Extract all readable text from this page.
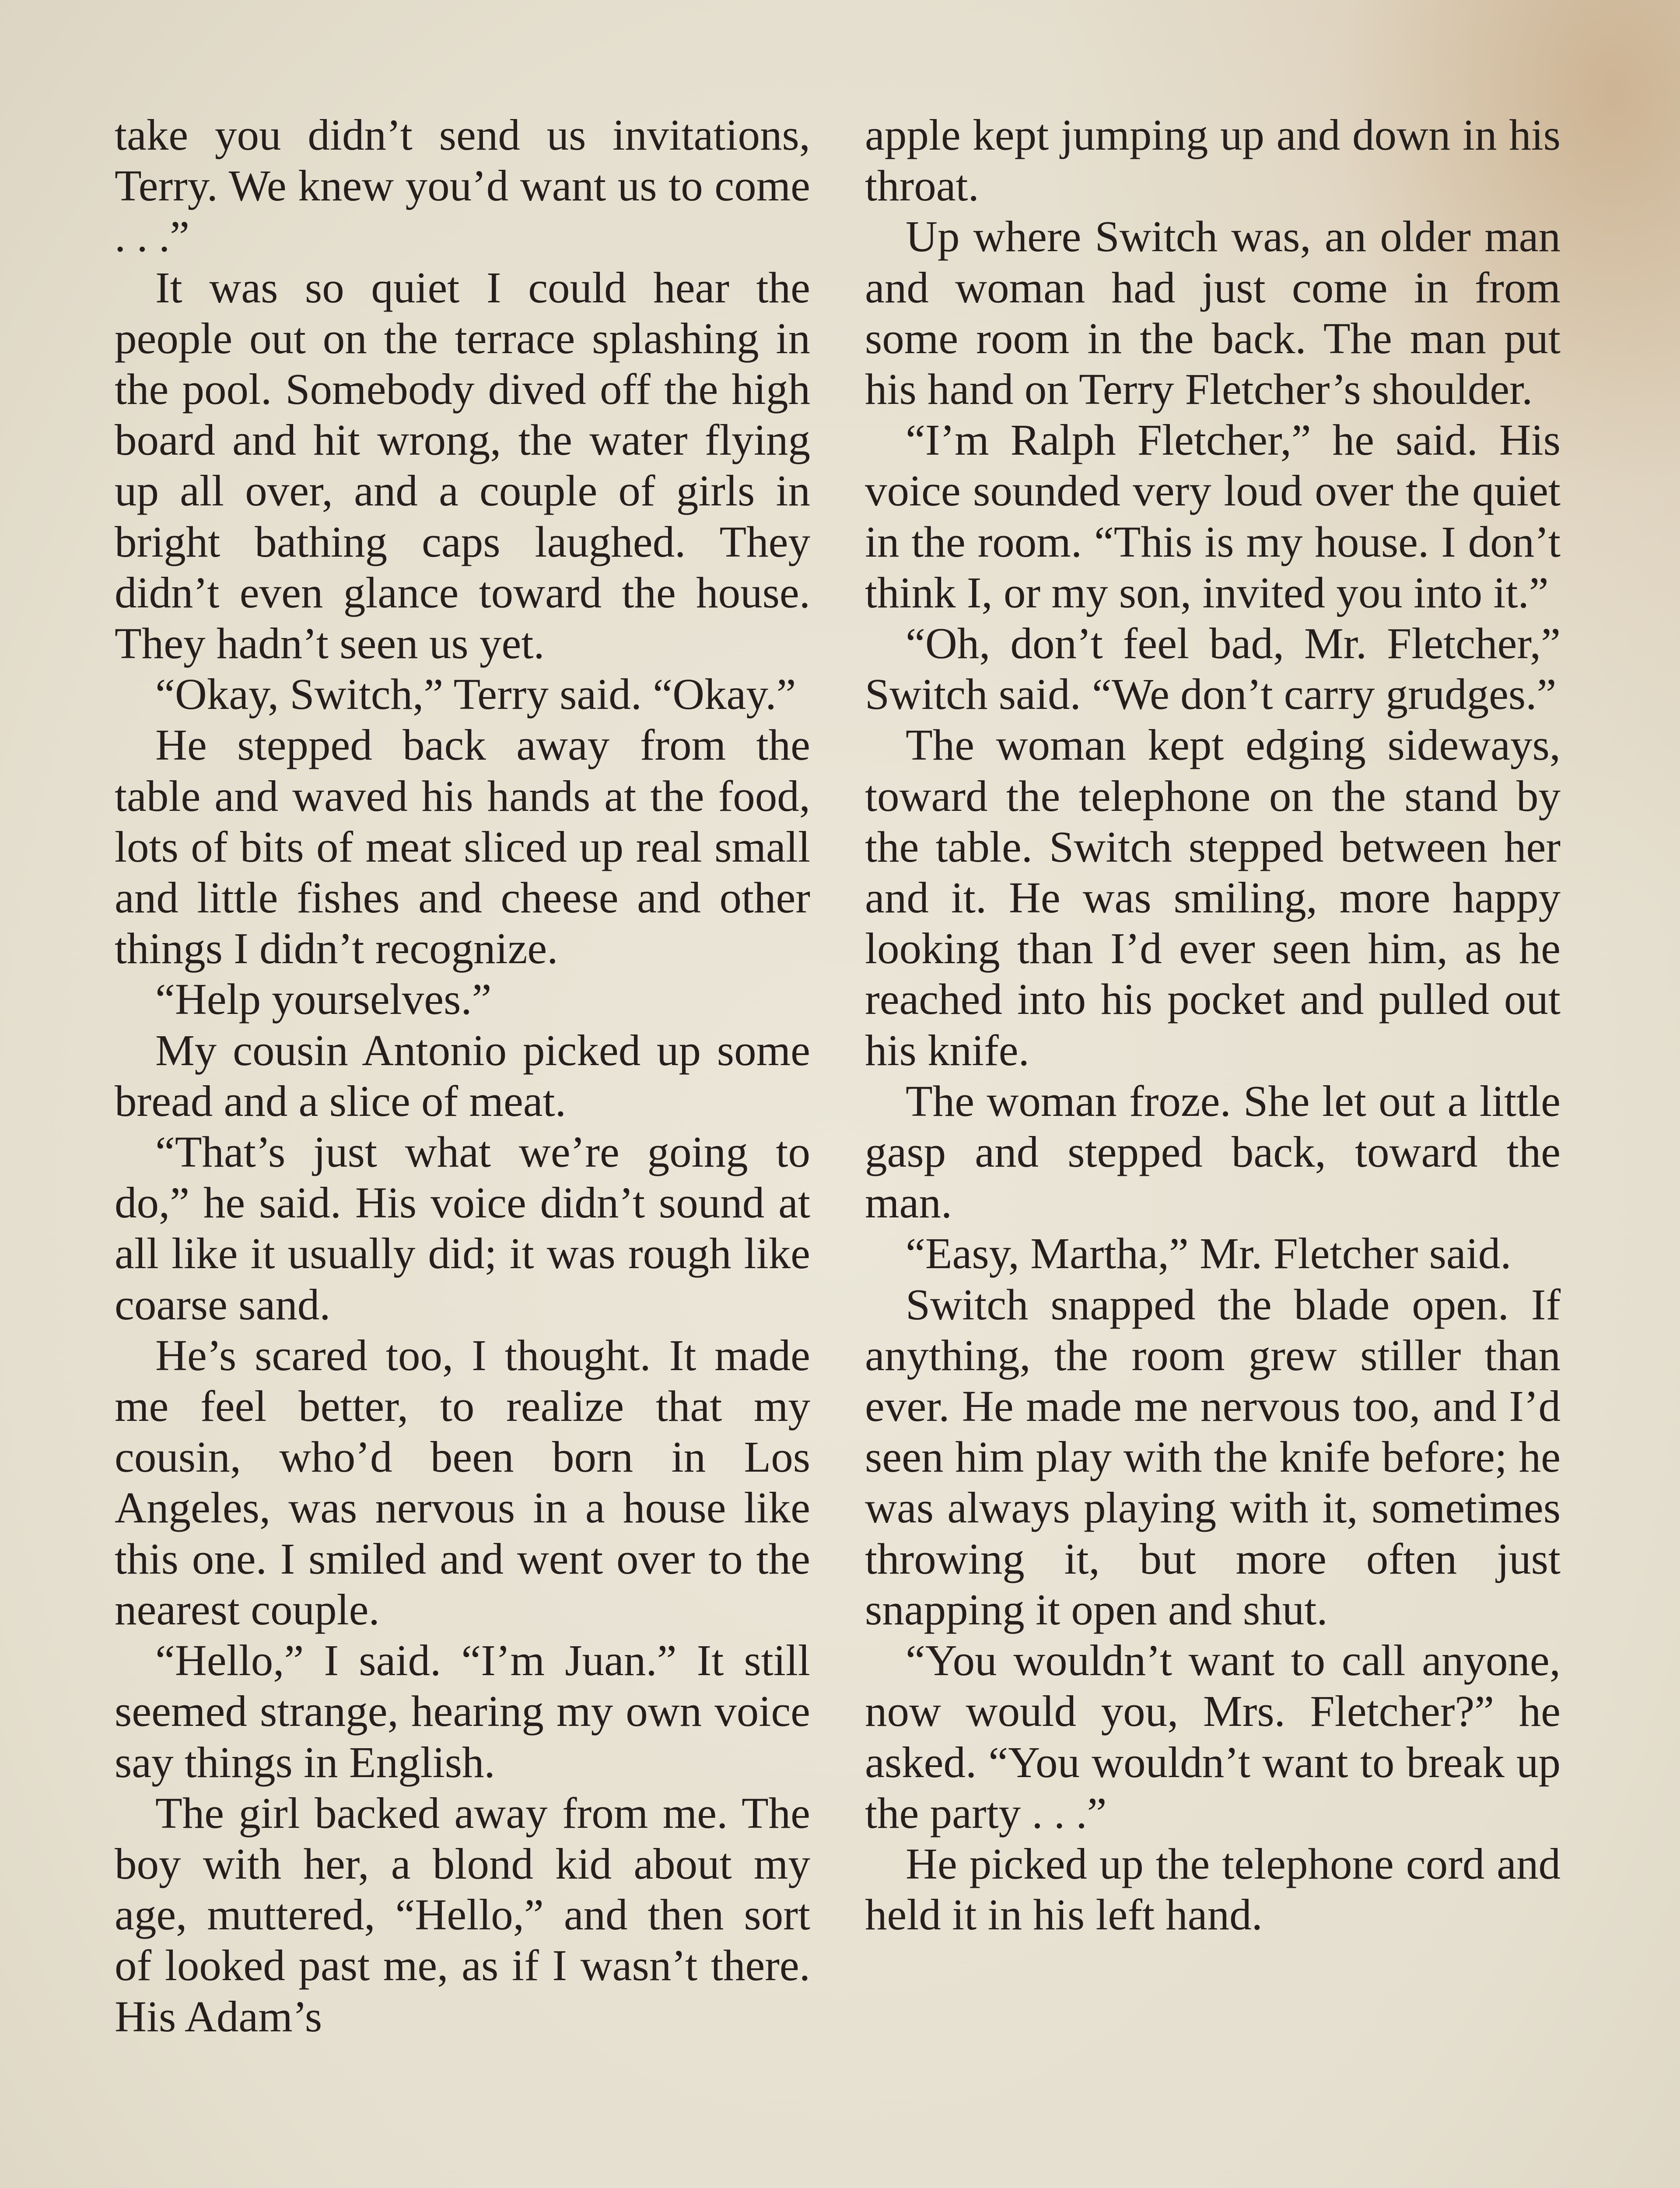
take you didn’t send us invitations, Terry. We knew you’d want us to come . . .”

It was so quiet I could hear the people out on the terrace splashing in the pool. Somebody dived off the high board and hit wrong, the water flying up all over, and a couple of girls in bright bathing caps laughed. They didn’t even glance toward the house. They hadn’t seen us yet.

“Okay, Switch,” Terry said. “Okay.”

He stepped back away from the table and waved his hands at the food, lots of bits of meat sliced up real small and little fishes and cheese and other things I didn’t recognize.

“Help yourselves.”

My cousin Antonio picked up some bread and a slice of meat.

“That’s just what we’re going to do,” he said. His voice didn’t sound at all like it usually did; it was rough like coarse sand.

He’s scared too, I thought. It made me feel better, to realize that my cousin, who’d been born in Los Angeles, was nervous in a house like this one. I smiled and went over to the nearest couple.

“Hello,” I said. “I’m Juan.” It still seemed strange, hearing my own voice say things in English.

The girl backed away from me. The boy with her, a blond kid about my age, muttered, “Hello,” and then sort of looked past me, as if I wasn’t there. His Adam’s

apple kept jumping up and down in his throat.

Up where Switch was, an older man and woman had just come in from some room in the back. The man put his hand on Terry Fletcher’s shoulder.

“I’m Ralph Fletcher,” he said. His voice sounded very loud over the quiet in the room. “This is my house. I don’t think I, or my son, invited you into it.”

“Oh, don’t feel bad, Mr. Fletcher,” Switch said. “We don’t carry grudges.”

The woman kept edging sideways, toward the telephone on the stand by the table. Switch stepped between her and it. He was smiling, more happy looking than I’d ever seen him, as he reached into his pocket and pulled out his knife.

The woman froze. She let out a little gasp and stepped back, toward the man.

“Easy, Martha,” Mr. Fletcher said.

Switch snapped the blade open. If anything, the room grew stiller than ever. He made me nervous too, and I’d seen him play with the knife before; he was always playing with it, sometimes throwing it, but more often just snapping it open and shut.

“You wouldn’t want to call anyone, now would you, Mrs. Fletcher?” he asked. “You wouldn’t want to break up the party . . .”

He picked up the telephone cord and held it in his left hand.
